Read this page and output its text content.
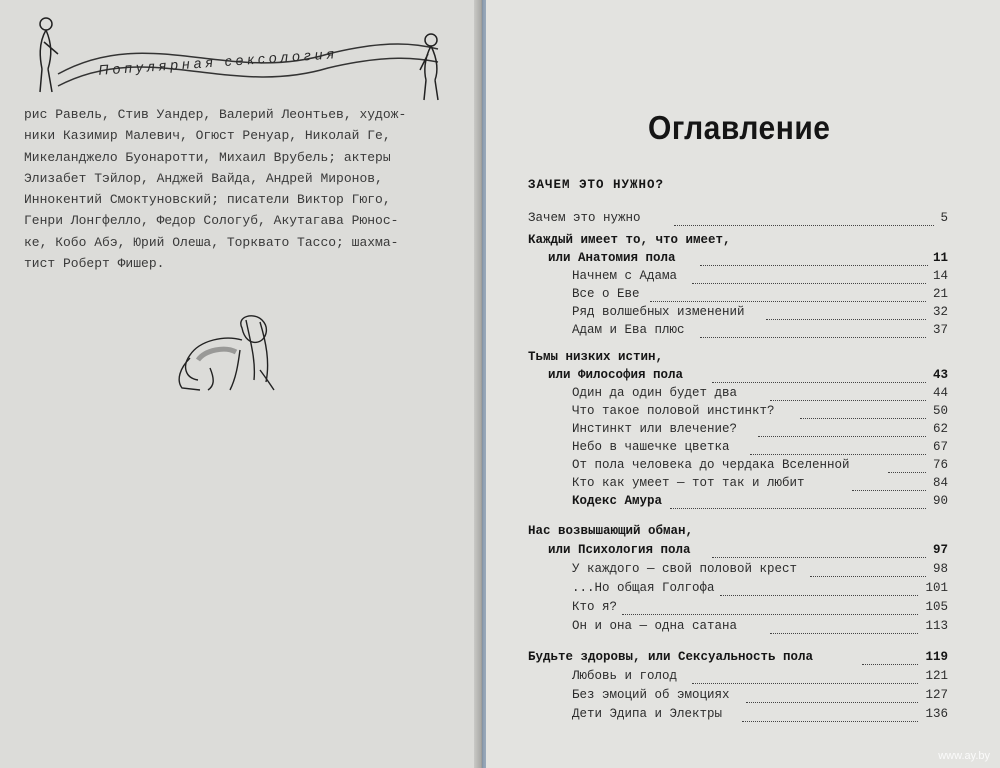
Популярная сексология
рис Равель, Стив Уандер, Валерий Леонтьев, худож-
ники Казимир Малевич, Огюст Ренуар, Николай Ге,
Микеланджело Буонаротти, Михаил Врубель; актеры
Элизабет Тэйлор, Анджей Вайда, Андрей Миронов,
Иннокентий Смоктуновский; писатели Виктор Гюго,
Генри Лонгфелло, Федор Сологуб, Акутагава Рюнос-
ке, Кобо Абэ, Юрий Олеша, Торквато Тассо; шахма-
тист Роберт Фишер.
Оглавление
ЗАЧЕМ ЭТО НУЖНО?
Зачем это нужно	5
Каждый имеет то, что имеет,
или Анатомия пола	11
Начнем с Адама	14
Все о Еве	21
Ряд волшебных изменений	32
Адам и Ева плюс	37
Тьмы низких истин,
или Философия пола	43
Один да один будет два	44
Что такое половой инстинкт?	50
Инстинкт или влечение?	62
Небо в чашечке цветка	67
От пола человека до чердака Вселенной	76
Кто как умеет — тот так и любит	84
Кодекс Амура	90
Нас возвышающий обман,
или Психология пола	97
У каждого — свой половой крест	98
...Но общая Голгофа	101
Кто я?	105
Он и она — одна сатана	113
Будьте здоровы, или Сексуальность пола	119
Любовь и голод	121
Без эмоций об эмоциях	127
Дети Эдипа и Электры	136
www.ay.by
